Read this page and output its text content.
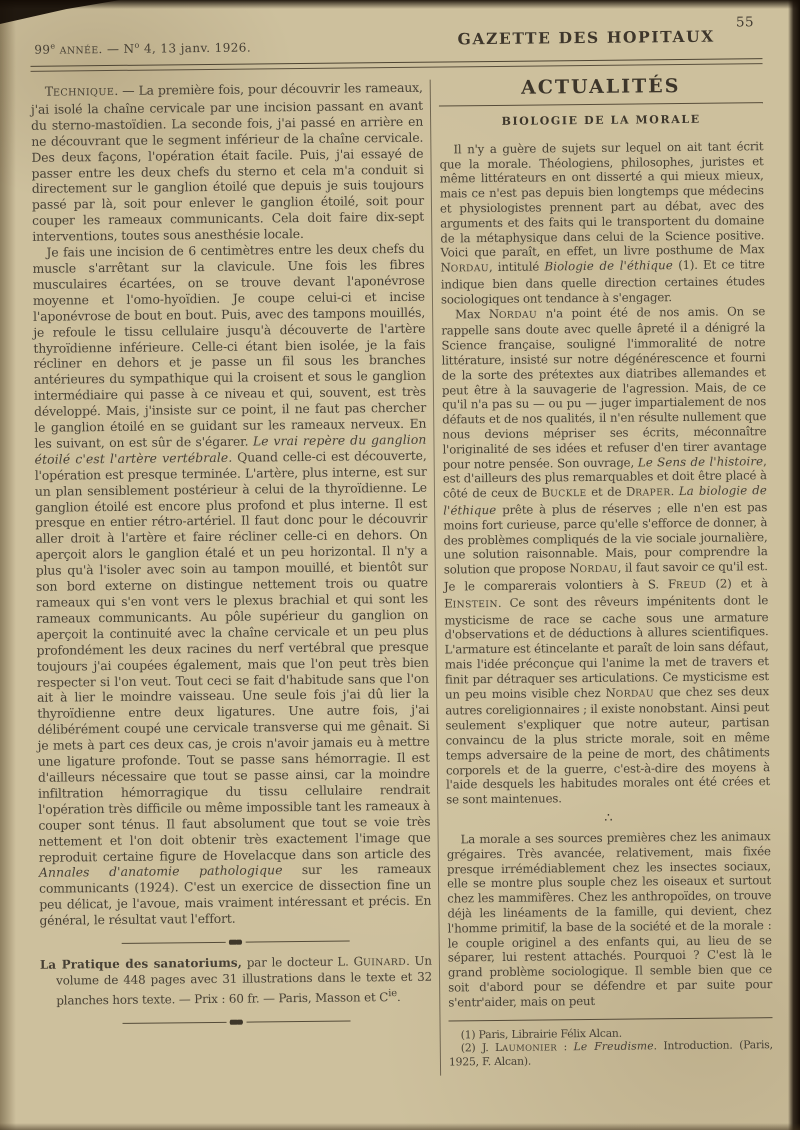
55
99e ANNÉE. — $N^o$ 4, 13 janv. 1926.	GAZETTE DES HOPITAUX

TECHNIQUE. — La première fois, pour découvrir les rameaux, j'ai isolé la chaîne cervicale par une incision passant en avant du sterno-mastoïdien. La seconde fois, j'ai passé en arrière en ne découvrant que le segment inférieur de la chaîne cervicale. Des deux façons, l'opération était facile. Puis, j'ai essayé de passer entre les deux chefs du sterno et cela m'a conduit si directement sur le ganglion étoilé que depuis je suis toujours passé par là, soit pour enlever le ganglion étoilé, soit pour couper les rameaux communicants. Cela doit faire dix-sept interventions, toutes sous anesthésie locale.

Je fais une incision de 6 centimètres entre les deux chefs du muscle s'arrêtant sur la clavicule. Une fois les fibres musculaires écartées, on se trouve devant l'aponévrose moyenne et l'omo-hyoïdien. Je coupe celui-ci et incise l'aponévrose de bout en bout. Puis, avec des tampons mouillés, je refoule le tissu cellulaire jusqu'à découverte de l'artère thyroïdienne inférieure. Celle-ci étant bien isolée, je la fais récliner en dehors et je passe un fil sous les branches antérieures du sympathique qui la croisent et sous le ganglion intermédiaire qui passe à ce niveau et qui, souvent, est très développé. Mais, j'insiste sur ce point, il ne faut pas chercher le ganglion étoilé en se guidant sur les rameaux nerveux. En les suivant, on est sûr de s'égarer. Le vrai repère du ganglion étoilé c'est l'artère vertébrale. Quand celle-ci est découverte, l'opération est presque terminée. L'artère, plus interne, est sur un plan sensiblement postérieur à celui de la thyroïdienne. Le ganglion étoilé est encore plus profond et plus interne. Il est presque en entier rétro-artériel. Il faut donc pour le découvrir aller droit à l'artère et faire récliner celle-ci en dehors. On aperçoit alors le ganglion étalé et un peu horizontal. Il n'y a plus qu'à l'isoler avec soin au tampon mouillé, et bientôt sur son bord externe on distingue nettement trois ou quatre rameaux qui s'en vont vers le plexus brachial et qui sont les rameaux communicants. Au pôle supérieur du ganglion on aperçoit la continuité avec la chaîne cervicale et un peu plus profondément les deux racines du nerf vertébral que presque toujours j'ai coupées également, mais que l'on peut très bien respecter si l'on veut. Tout ceci se fait d'habitude sans que l'on ait à lier le moindre vaisseau. Une seule fois j'ai dû lier la thyroïdienne entre deux ligatures. Une autre fois, j'ai délibérément coupé une cervicale transverse qui me gênait. Si je mets à part ces deux cas, je crois n'avoir jamais eu à mettre une ligature profonde. Tout se passe sans hémorragie. Il est d'ailleurs nécessaire que tout se passe ainsi, car la moindre infiltration hémorragique du tissu cellulaire rendrait l'opération très difficile ou même impossible tant les rameaux à couper sont ténus. Il faut absolument que tout se voie très nettement et l'on doit obtenir très exactement l'image que reproduit certaine figure de Hovelacque dans son article des Annales d'anatomie pathologique sur les rameaux communicants (1924). C'est un exercice de dissection fine un peu délicat, je l'avoue, mais vraiment intéressant et précis. En général, le résultat vaut l'effort.

La Pratique des sanatoriums, par le docteur L. GUINARD. Un volume de 448 pages avec 31 illustrations dans le texte et 32 planches hors texte. — Prix : 60 fr. — Paris, Masson et $C^{ie}$.

ACTUALITÉS
BIOLOGIE DE LA MORALE

Il n'y a guère de sujets sur lequel on ait tant écrit que la morale. Théologiens, philosophes, juristes et même littérateurs en ont disserté a qui mieux mieux, mais ce n'est pas depuis bien longtemps que médecins et physiologistes prennent part au débat, avec des arguments et des faits qui le transportent du domaine de la métaphysique dans celui de la Science positive. Voici que paraît, en effet, un livre posthume de Max NORDAU, intitulé Biologie de l'éthique (1). Et ce titre indique bien dans quelle direction certaines études sociologiques ont tendance à s'engager.

Max NORDAU n'a point été de nos amis. On se rappelle sans doute avec quelle âpreté il a dénigré la Science française, souligné l'immoralité de notre littérature, insisté sur notre dégénérescence et fourni de la sorte des prétextes aux diatribes allemandes et peut être à la sauvagerie de l'agression. Mais, de ce qu'il n'a pas su — ou pu — juger impartialement de nos défauts et de nos qualités, il n'en résulte nullement que nous devions mépriser ses écrits, méconnaître l'originalité de ses idées et refuser d'en tirer avantage pour notre pensée. Son ouvrage, Le Sens de l'histoire, est d'ailleurs des plus remarquables et doit être placé à côté de ceux de BUCKLE et de DRAPER. La biologie de l'éthique prête à plus de réserves ; elle n'en est pas moins fort curieuse, parce qu'elle s'efforce de donner, à des problèmes compliqués de la vie sociale journalière, une solution raisonnable. Mais, pour comprendre la solution que propose NORDAU, il faut savoir ce qu'il est. Je le comparerais volontiers à S. FREUD (2) et à EINSTEIN. Ce sont des rêveurs impénitents dont le mysticisme de race se cache sous une armature d'observations et de déductions à allures scientifiques. L'armature est étincelante et paraît de loin sans défaut, mais l'idée préconçue qui l'anime la met de travers et finit par détraquer ses articulations. Ce mysticisme est un peu moins visible chez NORDAU que chez ses deux autres coreligionnaires ; il existe nonobstant. Ainsi peut seulement s'expliquer que notre auteur, partisan convaincu de la plus stricte morale, soit en même temps adversaire de la peine de mort, des châtiments corporels et de la guerre, c'est-à-dire des moyens à l'aide desquels les habitudes morales ont été crées et se sont maintenues.

∴

La morale a ses sources premières chez les animaux grégaires. Très avancée, relativement, mais fixée presque irrémédiablement chez les insectes sociaux, elle se montre plus souple chez les oiseaux et surtout chez les mammifères. Chez les anthropoïdes, on trouve déjà les linéaments de la famille, qui devient, chez l'homme primitif, la base de la société et de la morale : le couple originel a des enfants qui, au lieu de se séparer, lui restent attachés. Pourquoi ? C'est là le grand problème sociologique. Il semble bien que ce soit d'abord pour se défendre et par suite pour s'entr'aider, mais on peut

(1) Paris, Librairie Félix Alcan.

(2) J. LAUMONIER : Le Freudisme. Introduction. (Paris, 1925, F. Alcan).
